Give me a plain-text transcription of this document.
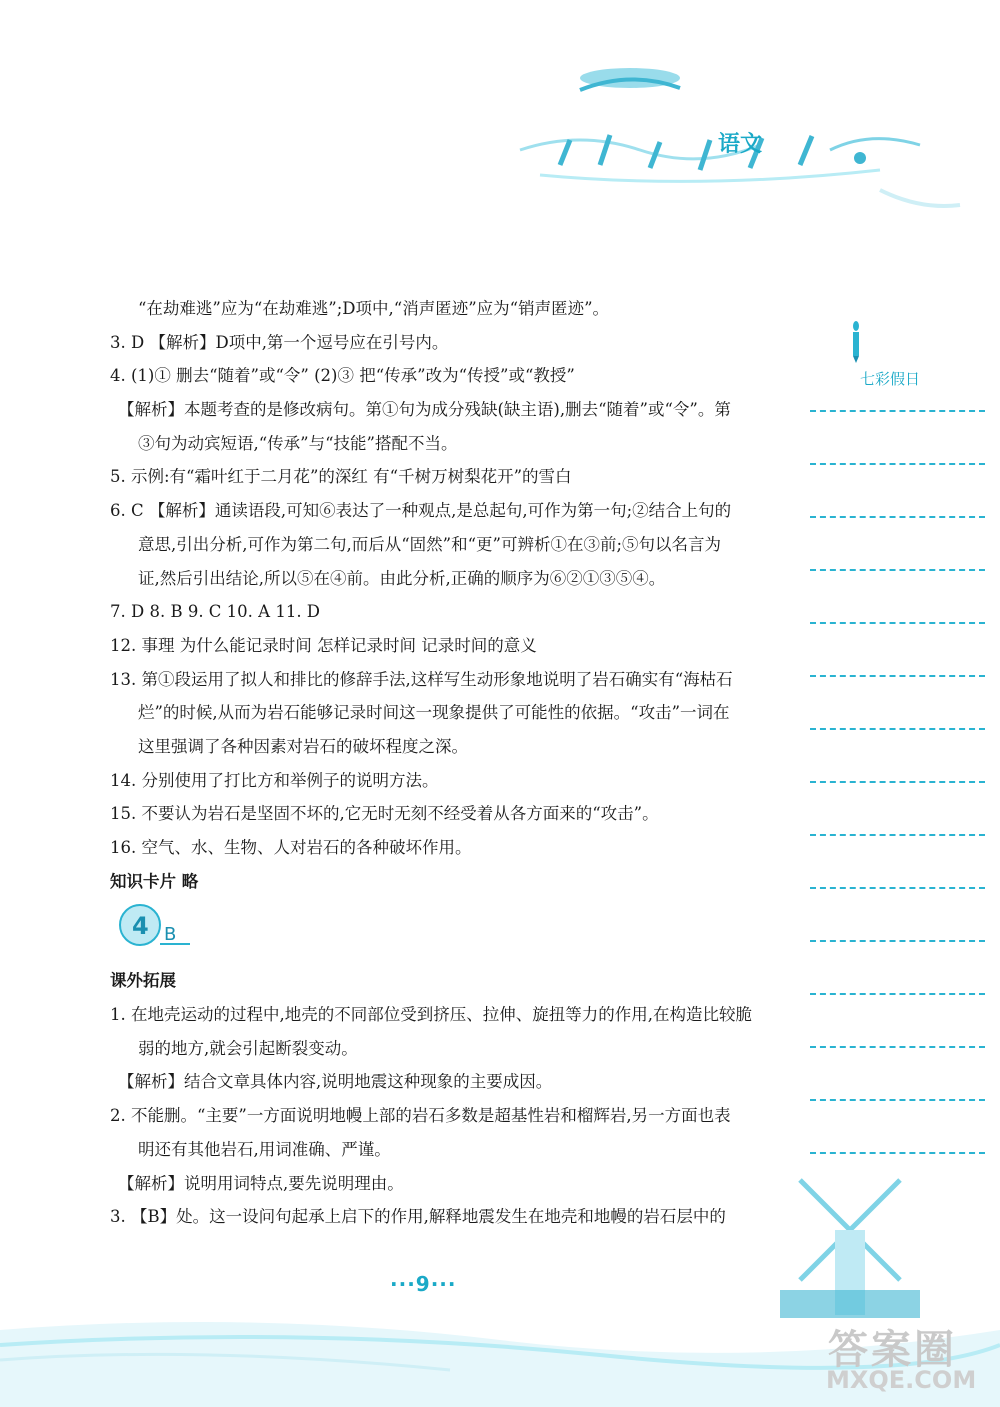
语文
“在劫难逃”应为“在劫难逃”;D项中,“消声匿迹”应为“销声匿迹”。
3. D 【解析】D项中,第一个逗号应在引号内。
4. (1)① 删去“随着”或“令” (2)③ 把“传承”改为“传授”或“教授”
【解析】本题考查的是修改病句。第①句为成分残缺(缺主语),删去“随着”或“令”。第
③句为动宾短语,“传承”与“技能”搭配不当。
5. 示例:有“霜叶红于二月花”的深红 有“千树万树梨花开”的雪白
6. C 【解析】通读语段,可知⑥表达了一种观点,是总起句,可作为第一句;②结合上句的
意思,引出分析,可作为第二句,而后从“固然”和“更”可辨析①在③前;⑤句以名言为
证,然后引出结论,所以⑤在④前。由此分析,正确的顺序为⑥②①③⑤④。
7. D 8. B 9. C 10. A 11. D
12. 事理 为什么能记录时间 怎样记录时间 记录时间的意义
13. 第①段运用了拟人和排比的修辞手法,这样写生动形象地说明了岩石确实有“海枯石
烂”的时候,从而为岩石能够记录时间这一现象提供了可能性的依据。“攻击”一词在
这里强调了各种因素对岩石的破坏程度之深。
14. 分别使用了打比方和举例子的说明方法。
15. 不要认为岩石是坚固不坏的,它无时无刻不经受着从各方面来的“攻击”。
16. 空气、水、生物、人对岩石的各种破坏作用。
知识卡片 略
课外拓展
1. 在地壳运动的过程中,地壳的不同部位受到挤压、拉伸、旋扭等力的作用,在构造比较脆
弱的地方,就会引起断裂变动。
【解析】结合文章具体内容,说明地震这种现象的主要成因。
2. 不能删。“主要”一方面说明地幔上部的岩石多数是超基性岩和榴辉岩,另一方面也表
明还有其他岩石,用词准确、严谨。
【解析】说明用词特点,要先说明理由。
3. 【B】处。这一设问句起承上启下的作用,解释地震发生在地壳和地幔的岩石层中的
4 B
七彩假日
···9···
答案圈
MXQE.COM
